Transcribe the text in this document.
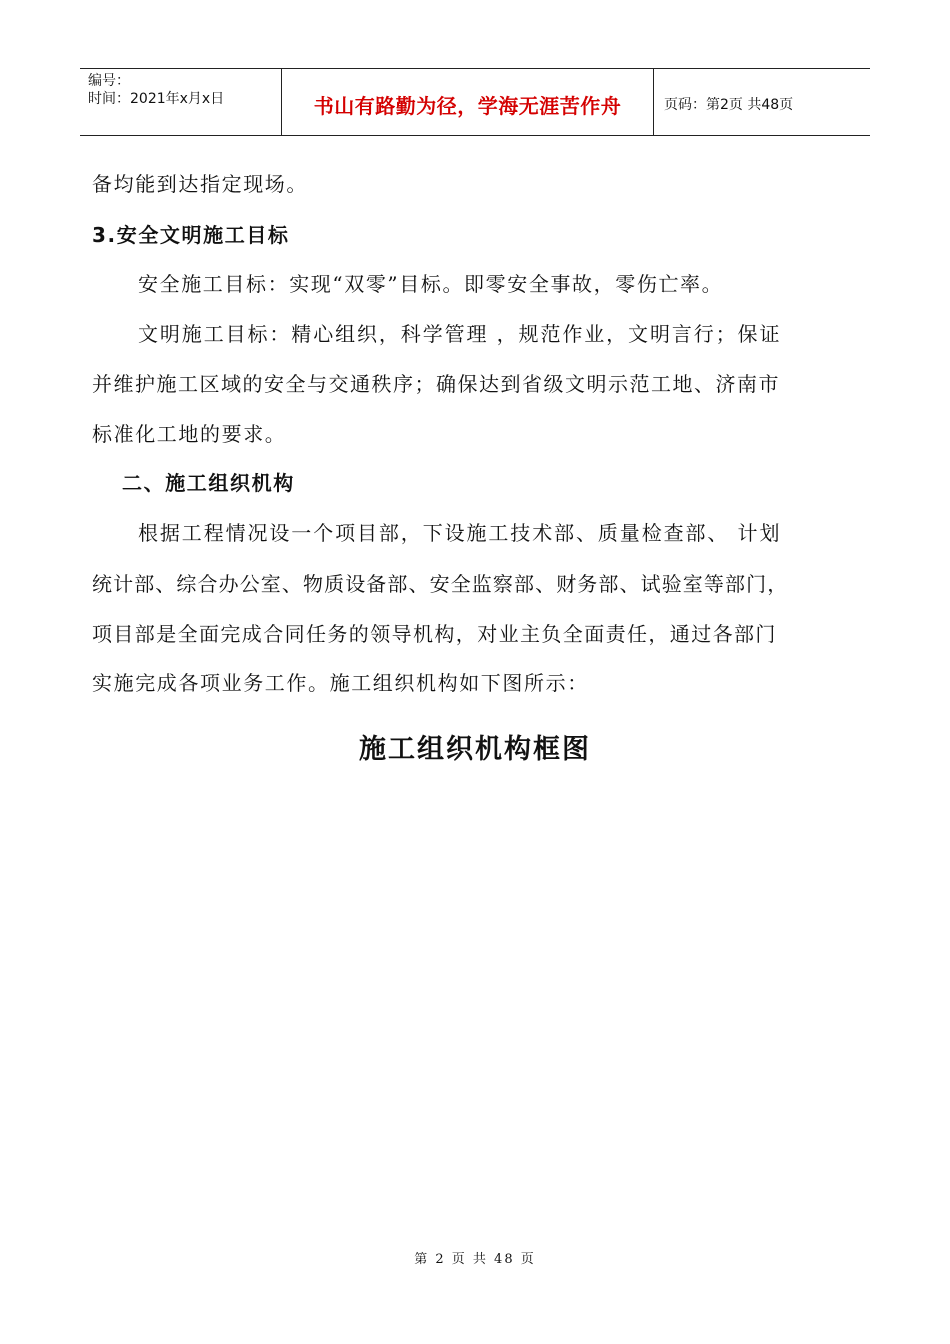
编号：
时间：2021年x月x日	书山有路勤为径，学海无涯苦作舟	页码：第2页 共48页
备均能到达指定现场。
3.安全文明施工目标
安全施工目标：实现“双零”目标。即零安全事故，零伤亡率。
文明施工目标：精心组织，科学管理 ，规范作业，文明言行；保证
并维护施工区域的安全与交通秩序；确保达到省级文明示范工地、济南市
标准化工地的要求。
二、施工组织机构
根据工程情况设一个项目部，下设施工技术部、质量检查部、 计划
统计部、综合办公室、物质设备部、安全监察部、财务部、试验室等部门，
项目部是全面完成合同任务的领导机构，对业主负全面责任，通过各部门
实施完成各项业务工作。施工组织机构如下图所示：
施工组织机构框图
第 2 页 共 48 页
